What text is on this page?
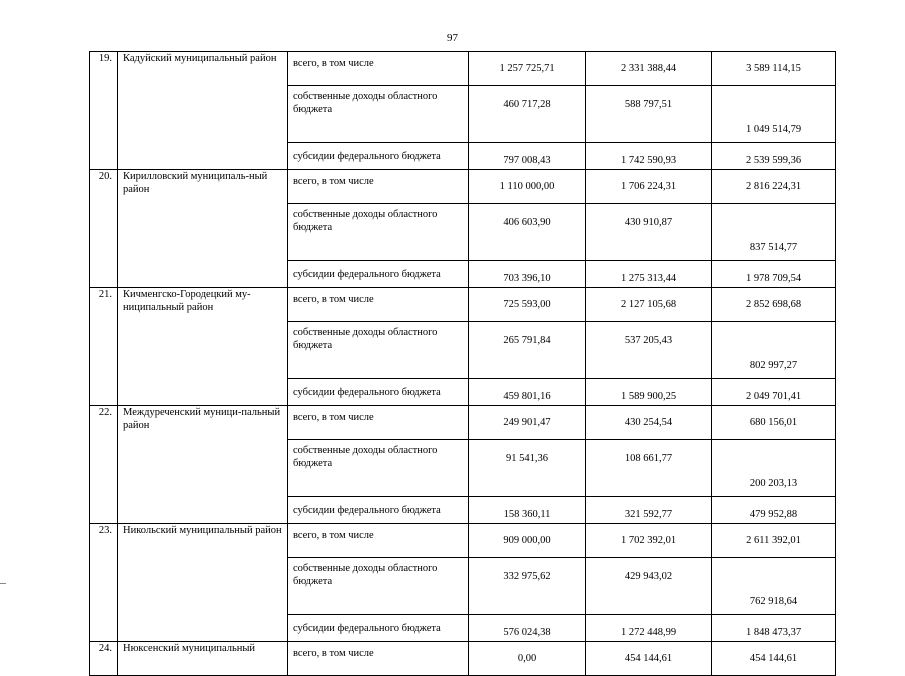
97
19.	Кадуйский муниципальный район	всего, в том числе	1 257 725,71	2 331 388,44	3 589 114,15
		собственные доходы областного бюджета	460 717,28	588 797,51	1 049 514,79
		субсидии федерального бюджета	797 008,43	1 742 590,93	2 539 599,36
20.	Кирилловский муниципаль-ный район	всего, в том числе	1 110 000,00	1 706 224,31	2 816 224,31
		собственные доходы областного бюджета	406 603,90	430 910,87	837 514,77
		субсидии федерального бюджета	703 396,10	1 275 313,44	1 978 709,54
21.	Кичменгско-Городецкий му-ниципальный район	всего, в том числе	725 593,00	2 127 105,68	2 852 698,68
		собственные доходы областного бюджета	265 791,84	537 205,43	802 997,27
		субсидии федерального бюджета	459 801,16	1 589 900,25	2 049 701,41
22.	Междуреченский муници-пальный район	всего, в том числе	249 901,47	430 254,54	680 156,01
		собственные доходы областного бюджета	91 541,36	108 661,77	200 203,13
		субсидии федерального бюджета	158 360,11	321 592,77	479 952,88
23.	Никольский муниципальный район	всего, в том числе	909 000,00	1 702 392,01	2 611 392,01
		собственные доходы областного бюджета	332 975,62	429 943,02	762 918,64
		субсидии федерального бюджета	576 024,38	1 272 448,99	1 848 473,37
24.	Нюксенский муниципальный	всего, в том числе	0,00	454 144,61	454 144,61
